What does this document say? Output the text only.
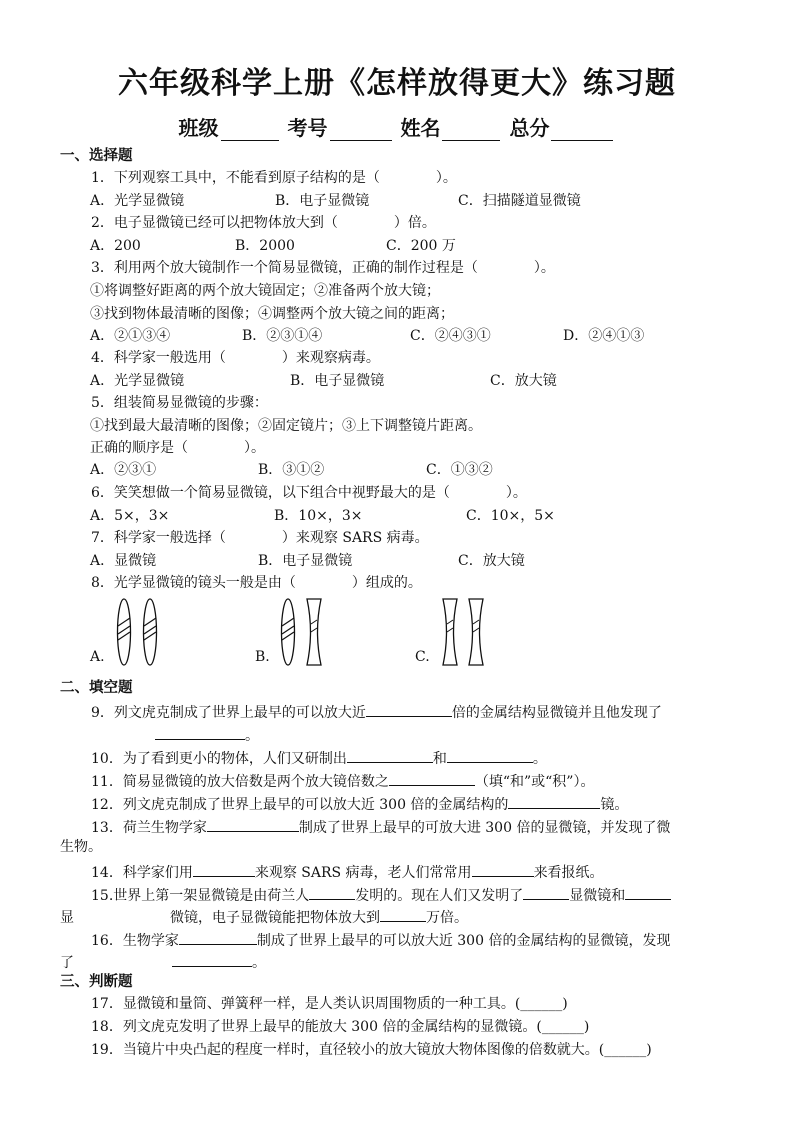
六年级科学上册《怎样放得更大》练习题
班级	考号	姓名	总分
一、选择题
1．下列观察工具中，不能看到原子结构的是（　　　　）。
A．光学显微镜	B．电子显微镜	C．扫描隧道显微镜
2．电子显微镜已经可以把物体放大到（　　　　）倍。
A．200	B．2000	C．200 万
3．利用两个放大镜制作一个简易显微镜，正确的制作过程是（　　　　）。
①将调整好距离的两个放大镜固定；②准备两个放大镜；
③找到物体最清晰的图像；④调整两个放大镜之间的距离；
A．②①③④	B．②③①④	C．②④③①	D．②④①③
4．科学家一般选用（　　　　）来观察病毒。
A．光学显微镜	B．电子显微镜	C．放大镜
5．组装简易显微镜的步骤：
①找到最大最清晰的图像；②固定镜片；③上下调整镜片距离。
正确的顺序是（　　　　）。
A．②③①	B．③①②	C．①③②
6．笑笑想做一个简易显微镜，以下组合中视野最大的是（　　　　）。
A．5×，3×	B．10×，3×	C．10×，5×
7．科学家一般选择（　　　　）来观察 SARS 病毒。
A．显微镜	B．电子显微镜	C．放大镜
8．光学显微镜的镜头一般是由（　　　　）组成的。
A.	B.	C.
二、填空题
9．列文虎克制成了世界上最早的可以放大近	倍的金属结构显微镜并且他发现了
。
10．为了看到更小的物体，人们又研制出	和	。
11．简易显微镜的放大倍数是两个放大镜倍数之	（填“和”或“积”）。
12．列文虎克制成了世界上最早的可以放大近 300 倍的金属结构的	镜。
13．荷兰生物学家	制成了世界上最早的可放大进 300 倍的显微镜，并发现了微
生物。
14．科学家们用	来观察 SARS 病毒，老人们常常用	来看报纸。
15.世界上第一架显微镜是由荷兰人	发明的。现在人们又发明了	显微镜和
显	微镜，电子显微镜能把物体放大到	万倍。
16．生物学家	制成了世界上最早的可以放大近 300 倍的金属结构的显微镜，发现
了	。
三、判断题
17．显微镜和量筒、弹簧秤一样，是人类认识周围物质的一种工具。(______)
18．列文虎克发明了世界上最早的能放大 300 倍的金属结构的显微镜。(______)
19．当镜片中央凸起的程度一样时，直径较小的放大镜放大物体图像的倍数就大。(______)
